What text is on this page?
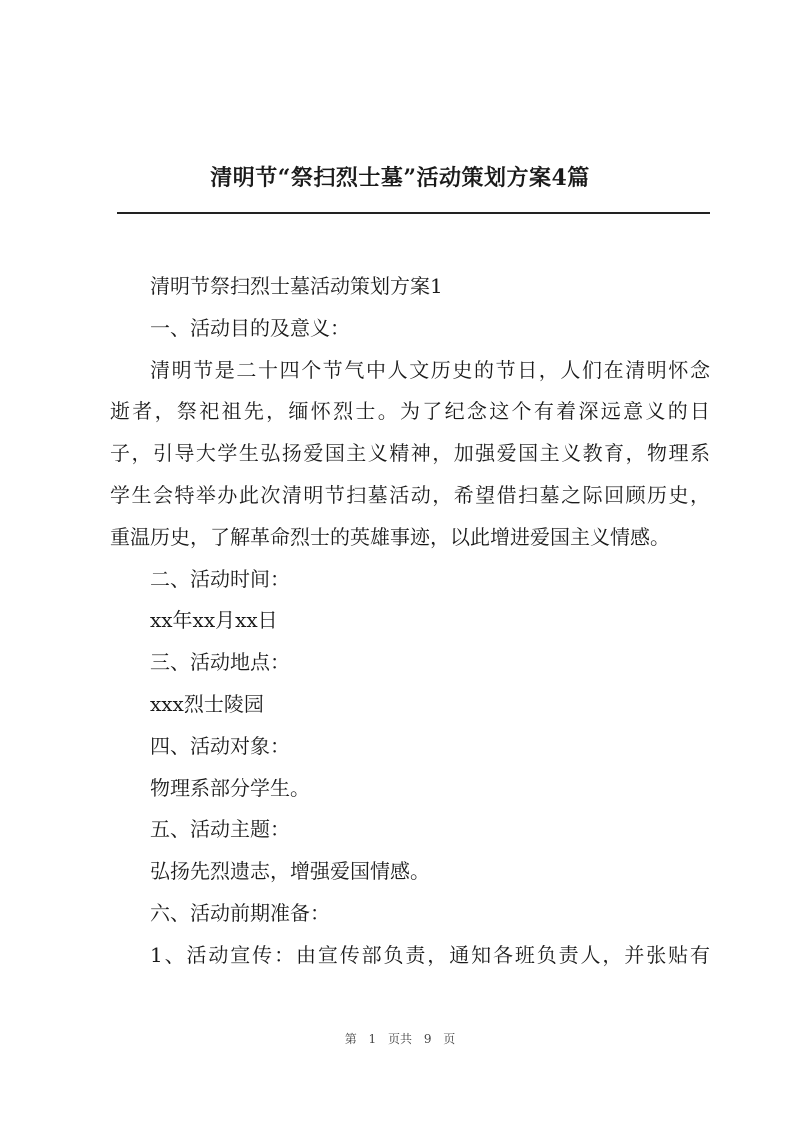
清明节“祭扫烈士墓”活动策划方案4篇
清明节祭扫烈士墓活动策划方案1
一、活动目的及意义：
清明节是二十四个节气中人文历史的节日，人们在清明怀念
逝者，祭祀祖先，缅怀烈士。为了纪念这个有着深远意义的日
子，引导大学生弘扬爱国主义精神，加强爱国主义教育，物理系
学生会特举办此次清明节扫墓活动，希望借扫墓之际回顾历史，
重温历史，了解革命烈士的英雄事迹，以此增进爱国主义情感。
二、活动时间：
xx年xx月xx日
三、活动地点：
xxx烈士陵园
四、活动对象：
物理系部分学生。
五、活动主题：
弘扬先烈遗志，增强爱国情感。
六、活动前期准备：
1、活动宣传：由宣传部负责，通知各班负责人，并张贴有
第 1 页共 9 页
